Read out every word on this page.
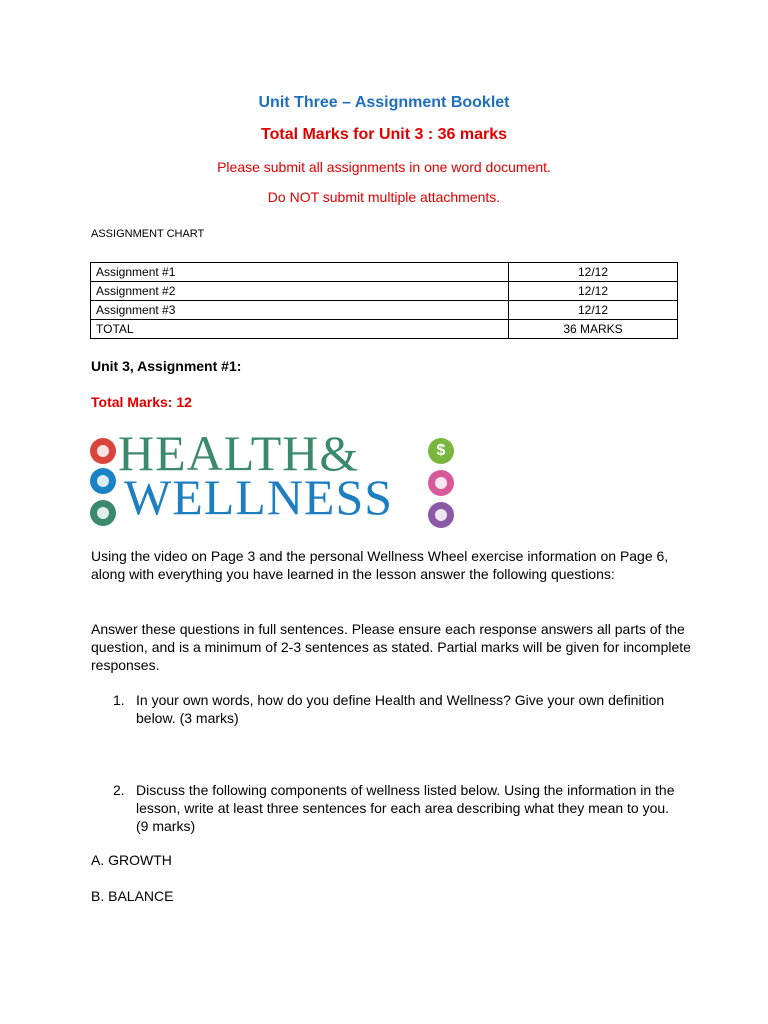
Unit Three – Assignment Booklet
Total Marks for Unit 3 : 36 marks
Please submit all assignments in one word document.
Do NOT submit multiple attachments.
ASSIGNMENT CHART
Assignment #1	12/12
Assignment #2	12/12
Assignment #3	12/12
TOTAL	36 MARKS
Unit 3, Assignment #1:
Total Marks: 12
HEALTH&
WELLNESS
$
Using the video on Page 3 and the personal Wellness Wheel exercise information on Page 6, along with everything you have learned in the lesson answer the following questions:
Answer these questions in full sentences. Please ensure each response answers all parts of the question, and is a minimum of 2-3 sentences as stated. Partial marks will be given for incomplete responses.
1. In your own words, how do you define Health and Wellness? Give your own definition below. (3 marks)
2. Discuss the following components of wellness listed below. Using the information in the lesson, write at least three sentences for each area describing what they mean to you. (9 marks)
A. GROWTH
B. BALANCE
